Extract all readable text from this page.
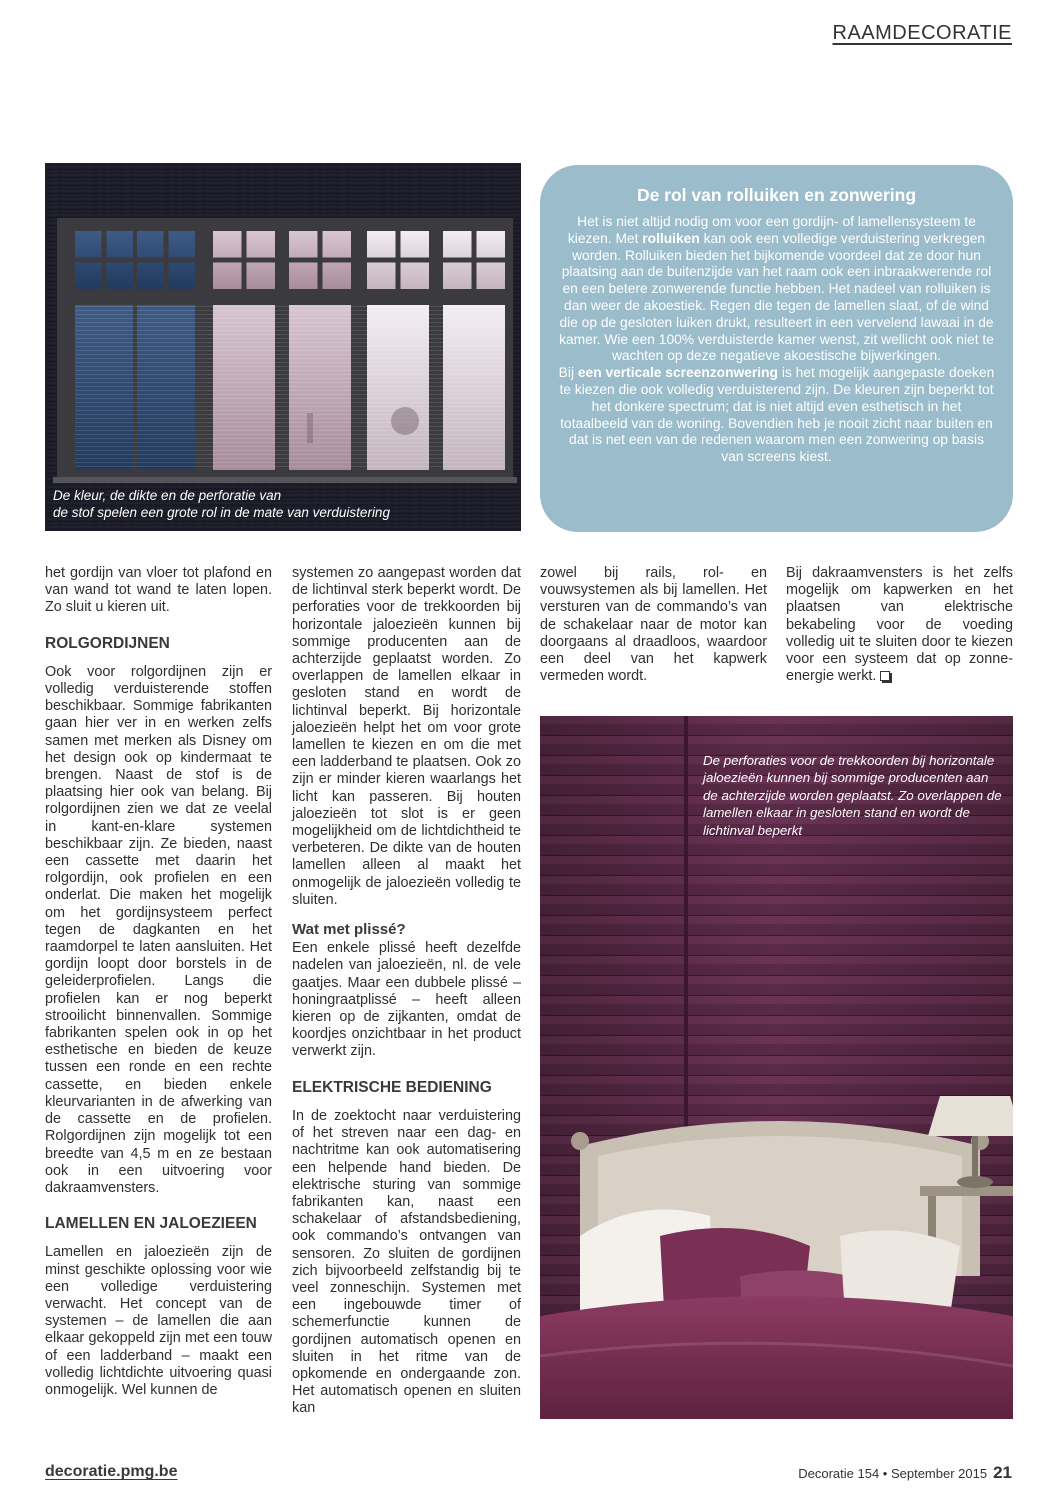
RAAMDECORATIE
De kleur, de dikte en de perforatie van
de stof spelen een grote rol in de mate van verduistering
De rol van rolluiken en zonwering

Het is niet altijd nodig om voor een gordijn- of lamellensysteem te kiezen. Met rolluiken kan ook een volledige verduistering verkregen worden. Rolluiken bieden het bijkomende voordeel dat ze door hun plaatsing aan de buitenzijde van het raam ook een inbraakwerende rol en een betere zonwerende functie hebben. Het nadeel van rolluiken is dan weer de akoestiek. Regen die tegen de lamellen slaat, of de wind die op de gesloten luiken drukt, resulteert in een vervelend lawaai in de kamer. Wie een 100% verduisterde kamer wenst, zit wellicht ook niet te wachten op deze negatieve akoestische bijwerkingen.

Bij een verticale screenzonwering is het mogelijk aangepaste doeken te kiezen die ook volledig verduisterend zijn. De kleuren zijn beperkt tot het donkere spectrum; dat is niet altijd even esthetisch in het totaalbeeld van de woning. Bovendien heb je nooit zicht naar buiten en dat is net een van de redenen waarom men een zonwering op basis van screens kiest.

het gordijn van vloer tot plafond en van wand tot wand te laten lopen. Zo sluit u kieren uit.

ROLGORDIJNEN

Ook voor rolgordijnen zijn er volledig verduisterende stoffen beschikbaar. Sommige fabrikanten gaan hier ver in en werken zelfs samen met merken als Disney om het design ook op kindermaat te brengen. Naast de stof is de plaatsing hier ook van belang. Bij rolgordijnen zien we dat ze veelal in kant-en-klare systemen beschikbaar zijn. Ze bieden, naast een cassette met daarin het rolgordijn, ook profielen en een onderlat. Die maken het mogelijk om het gordijnsysteem perfect tegen de dagkanten en het raamdorpel te laten aansluiten. Het gordijn loopt door borstels in de geleiderprofielen. Langs die profielen kan er nog beperkt strooilicht binnenvallen. Sommige fabrikanten spelen ook in op het esthetische en bieden de keuze tussen een ronde en een rechte cassette, en bieden enkele kleurvarianten in de afwerking van de cassette en de profielen. Rolgordijnen zijn mogelijk tot een breedte van 4,5 m en ze bestaan ook in een uitvoering voor dakraamvensters.

LAMELLEN EN JALOEZIEEN

Lamellen en jaloezieën zijn de minst geschikte oplossing voor wie een volledige verduistering verwacht. Het concept van de systemen – de lamellen die aan elkaar gekoppeld zijn met een touw of een ladderband – maakt een volledig lichtdichte uitvoering quasi onmogelijk. Wel kunnen de

systemen zo aangepast worden dat de lichtinval sterk beperkt wordt. De perforaties voor de trekkoorden bij horizontale jaloezieën kunnen bij sommige producenten aan de achterzijde geplaatst worden. Zo overlappen de lamellen elkaar in gesloten stand en wordt de lichtinval beperkt. Bij horizontale jaloezieën helpt het om voor grote lamellen te kiezen en om die met een ladderband te plaatsen. Ook zo zijn er minder kieren waarlangs het licht kan passeren. Bij houten jaloezieën tot slot is er geen mogelijkheid om de lichtdichtheid te verbeteren. De dikte van de houten lamellen alleen al maakt het onmogelijk de jaloezieën volledig te sluiten.

Wat met plissé?

Een enkele plissé heeft dezelfde nadelen van jaloezieën, nl. de vele gaatjes. Maar een dubbele plissé – honingraatplissé – heeft alleen kieren op de zijkanten, omdat de koordjes onzichtbaar in het product verwerkt zijn.

ELEKTRISCHE BEDIENING

In de zoektocht naar verduistering of het streven naar een dag- en nachtritme kan ook automatisering een helpende hand bieden. De elektrische sturing van sommige fabrikanten kan, naast een schakelaar of afstandsbediening, ook commando’s ontvangen van sensoren. Zo sluiten de gordijnen zich bijvoorbeeld zelfstandig bij te veel zonneschijn. Systemen met een ingebouwde timer of schemerfunctie kunnen de gordijnen automatisch openen en sluiten in het ritme van de opkomende en ondergaande zon. Het automatisch openen en sluiten kan

zowel bij rails, rol- en vouwsystemen als bij lamellen. Het versturen van de commando’s van de schakelaar naar de motor kan doorgaans al draadloos, waardoor een deel van het kapwerk vermeden wordt.

Bij dakraamvensters is het zelfs mogelijk om kapwerken en het plaatsen van elektrische bekabeling voor de voeding volledig uit te sluiten door te kiezen voor een systeem dat op zonne-energie werkt.

De perforaties voor de trekkoorden bij horizontale jaloezieën kunnen bij sommige producenten aan de achterzijde worden geplaatst. Zo overlappen de lamellen elkaar in gesloten stand en wordt de lichtinval beperkt
decoratie.pmg.be	Decoratie 154 • September 2015 21
